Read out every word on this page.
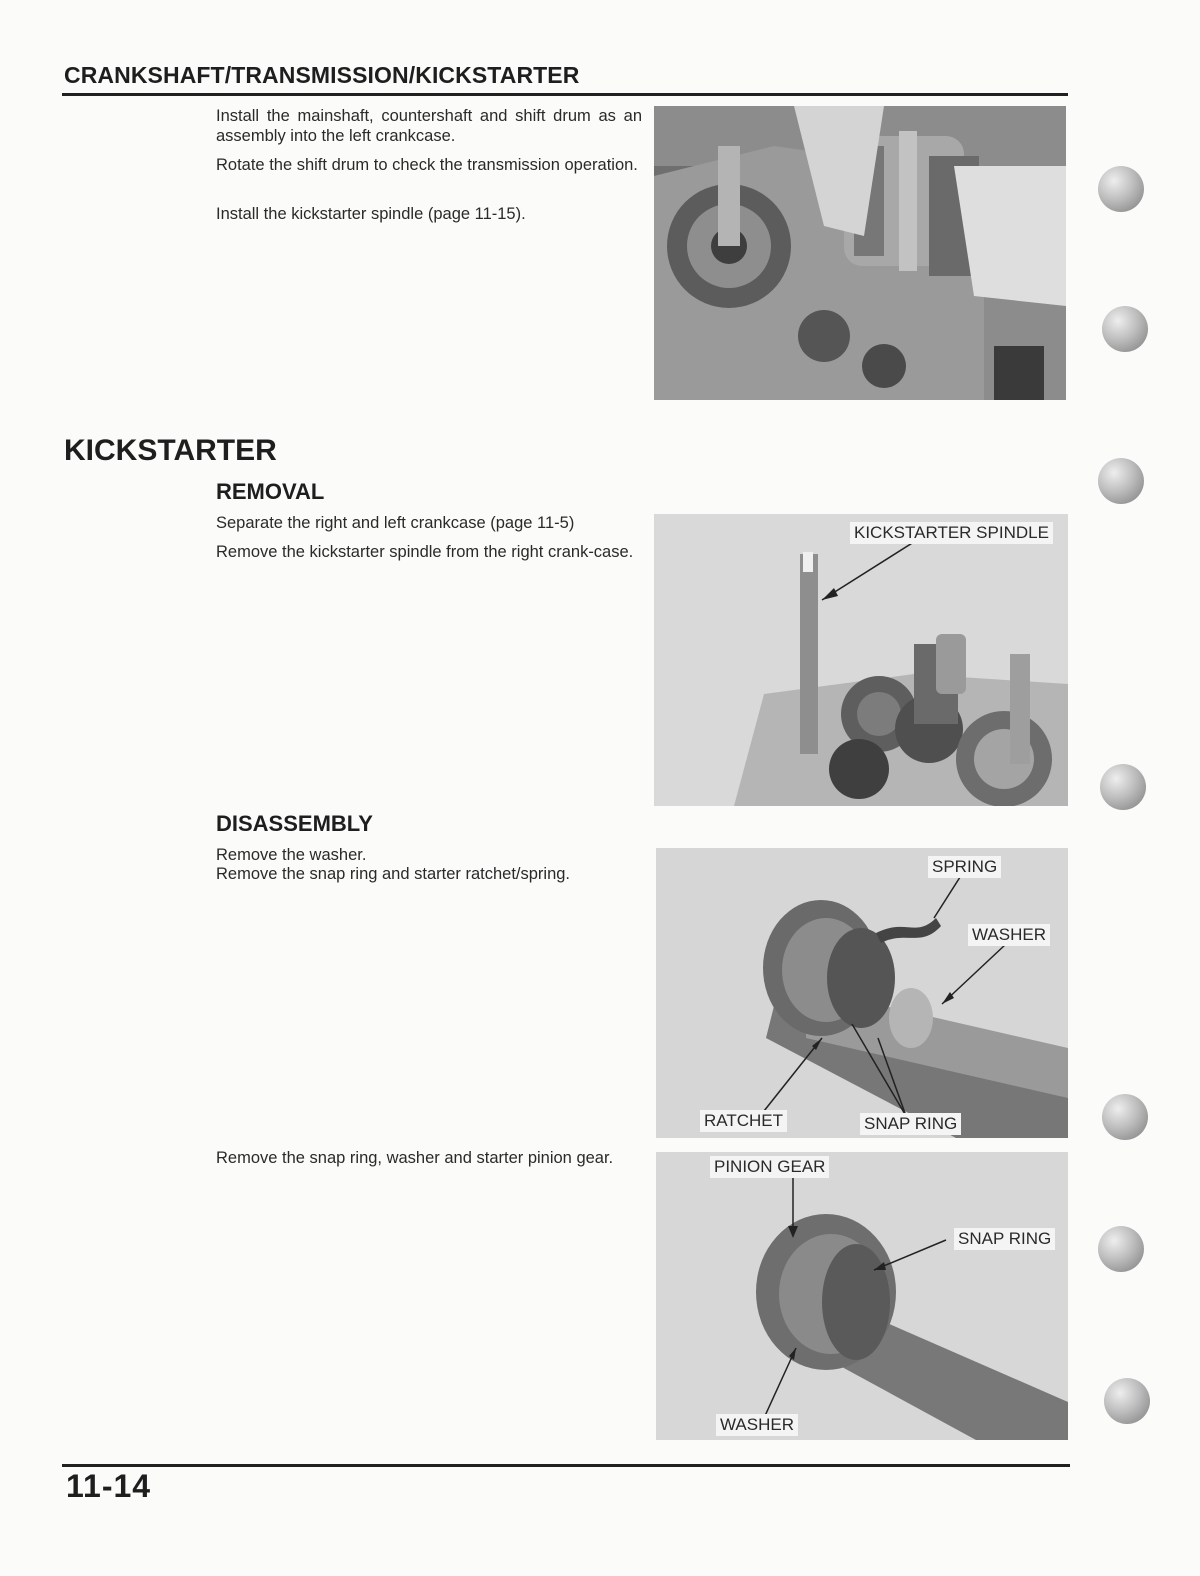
CRANKSHAFT/TRANSMISSION/KICKSTARTER
Install the mainshaft, countershaft and shift drum as an assembly into the left crankcase.
Rotate the shift drum to check the transmission operation.
Install the kickstarter spindle (page 11-15).
KICKSTARTER
REMOVAL
Separate the right and left crankcase (page 11-5)
Remove the kickstarter spindle from the right crank-case.
KICKSTARTER SPINDLE
DISASSEMBLY
Remove the washer.
Remove the snap ring and starter ratchet/spring.	SPRING
WASHER
RATCHET	SNAP RING
Remove the snap ring, washer and starter pinion gear.	PINION GEAR
SNAP RING
WASHER
11-14
